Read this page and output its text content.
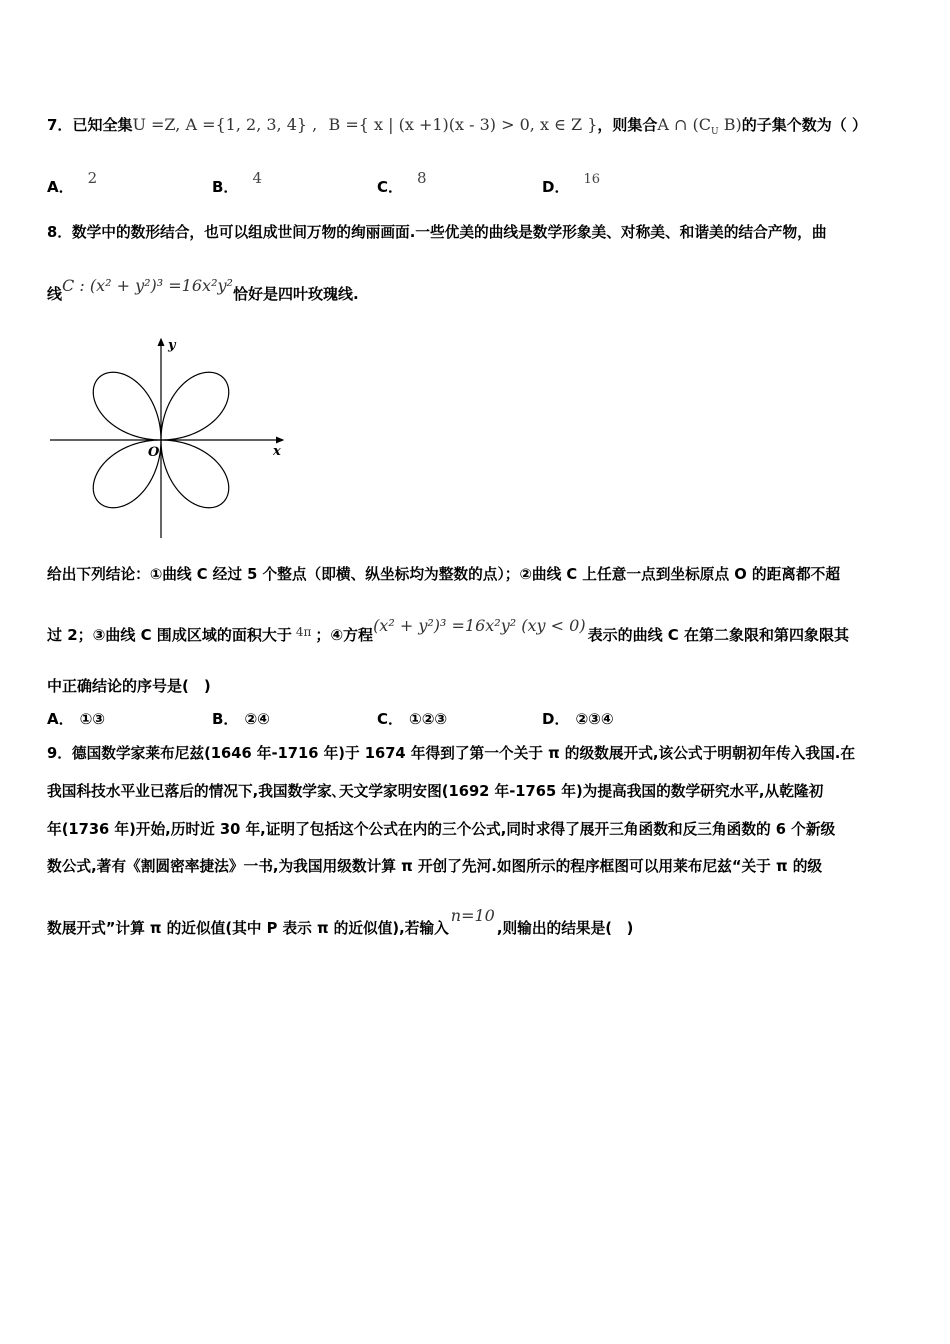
7．已知全集U =Z, A ={1, 2, 3, 4} , B ={ x | (x +1)(x - 3) > 0, x ∈ Z }，则集合A ∩ ($C_U$ B)的子集个数为（ ）
A． 2	B． 4	C． 8	D． 16
8．数学中的数形结合，也可以组成世间万物的绚丽画面.一些优美的曲线是数学形象美、对称美、和谐美的结合产物，曲
线C : (x² + y²)³ =16x²y²恰好是四叶玫瑰线.
y
x
O
给出下列结论：①曲线 C 经过 5 个整点（即横、纵坐标均为整数的点）；②曲线 C 上任意一点到坐标原点 O 的距离都不超
过 2；③曲线 C 围成区域的面积大于 $^{4\pi}$ ；④方程(x² + y²)³ =16x²y² (xy < 0) 表示的曲线 C 在第二象限和第四象限其
中正确结论的序号是(　)
A． ①③	B． ②④	C． ①②③	D． ②③④
9．德国数学家莱布尼兹(1646 年-1716 年)于 1674 年得到了第一个关于 π 的级数展开式,该公式于明朝初年传入我国.在
我国科技水平业已落后的情况下,我国数学家､天文学家明安图(1692 年-1765 年)为提高我国的数学研究水平,从乾隆初
年(1736 年)开始,历时近 30 年,证明了包括这个公式在内的三个公式,同时求得了展开三角函数和反三角函数的 6 个新级
数公式,著有《割圆密率捷法》一书,为我国用级数计算 π 开创了先河.如图所示的程序框图可以用莱布尼兹“关于 π 的级
数展开式”计算 π 的近似值(其中 P 表示 π 的近似值),若输入n=10,则输出的结果是(　)
